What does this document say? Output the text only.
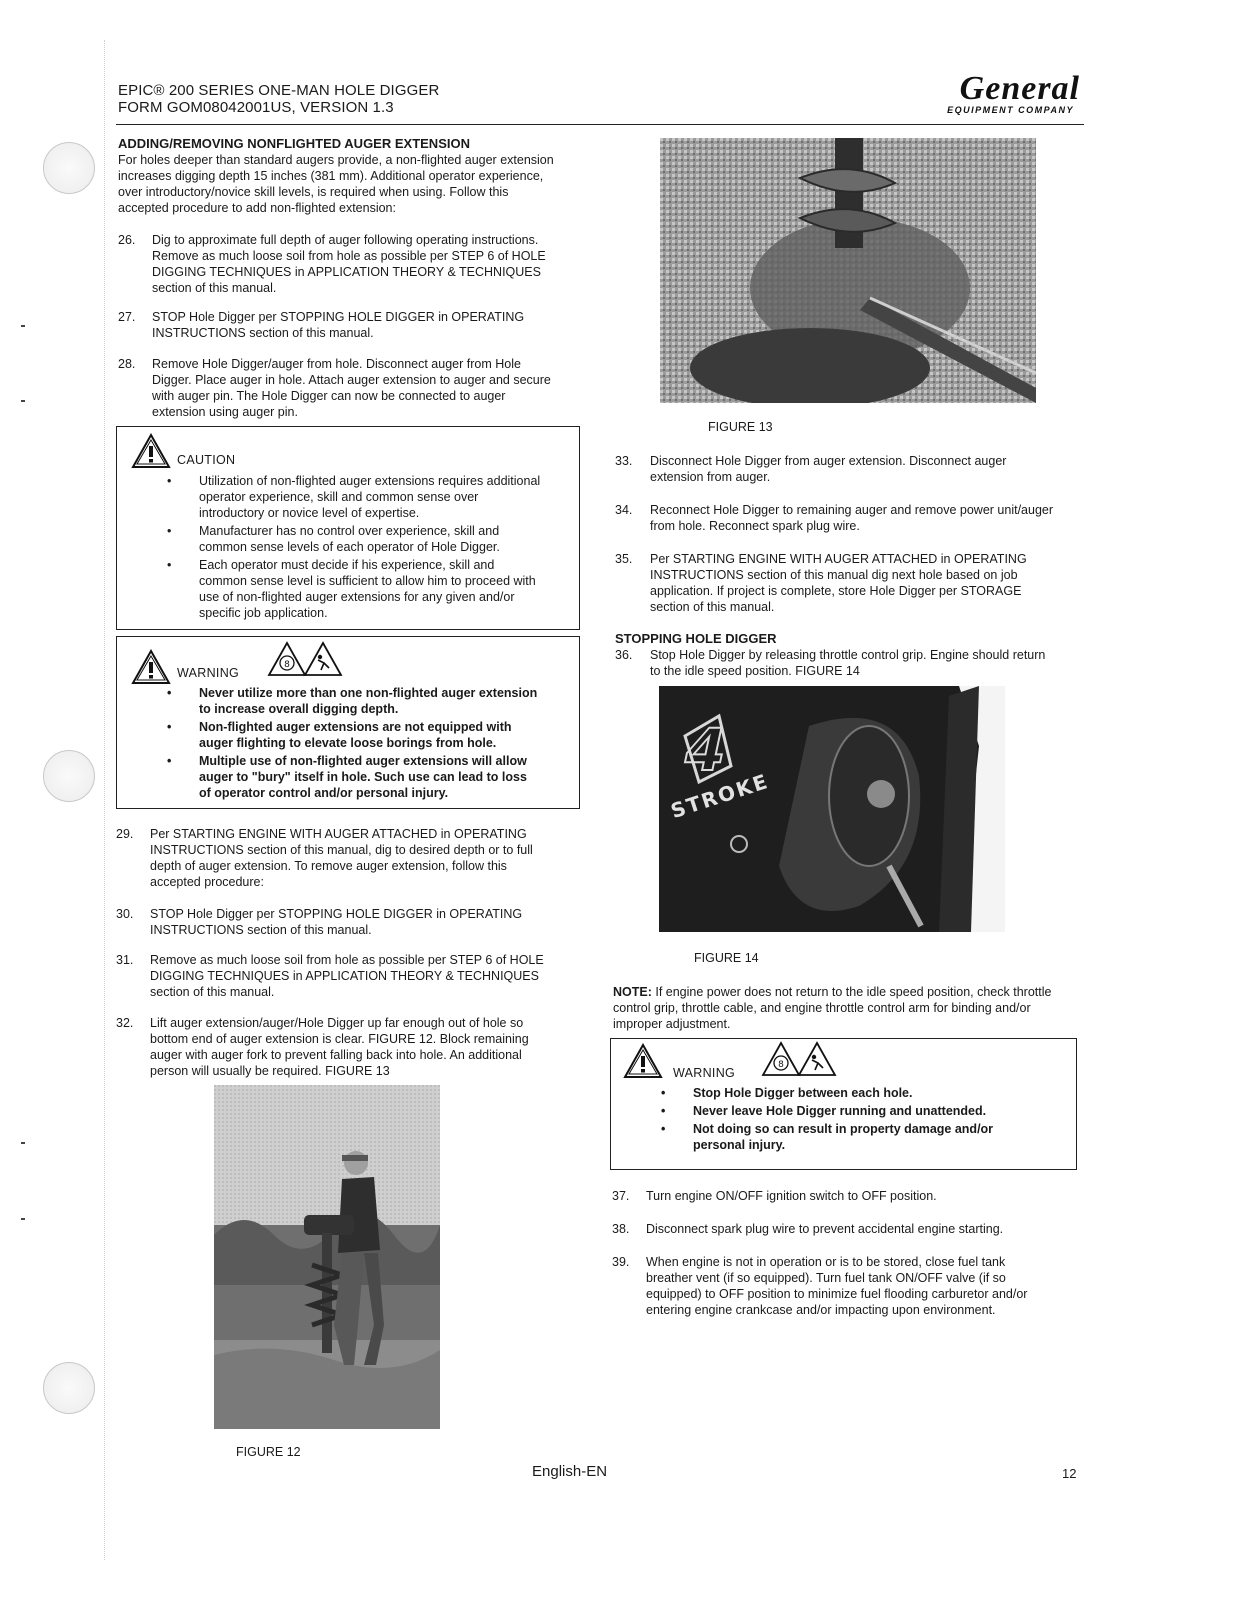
EPIC® 200 SERIES ONE-MAN HOLE DIGGER
FORM GOM08042001US, VERSION 1.3
General
EQUIPMENT COMPANY
ADDING/REMOVING NONFLIGHTED AUGER EXTENSION
For holes deeper than standard augers provide, a non-flighted auger extension
increases digging depth 15 inches (381 mm). Additional operator experience,
over introductory/novice skill levels, is required when using. Follow this
accepted procedure to add non-flighted extension:
26. Dig to approximate full depth of auger following operating instructions.
Remove as much loose soil from hole as possible per STEP 6 of HOLE
DIGGING TECHNIQUES in APPLICATION THEORY & TECHNIQUES
section of this manual.
27. STOP Hole Digger per STOPPING HOLE DIGGER in OPERATING
INSTRUCTIONS section of this manual.
28. Remove Hole Digger/auger from hole. Disconnect auger from Hole
Digger. Place auger in hole. Attach auger extension to auger and secure
with auger pin. The Hole Digger can now be connected to auger
extension using auger pin.
CAUTION
• Utilization of non-flighted auger extensions requires additional
operator experience, skill and common sense over
introductory or novice level of expertise.
• Manufacturer has no control over experience, skill and
common sense levels of each operator of Hole Digger.
• Each operator must decide if his experience, skill and
common sense level is sufficient to allow him to proceed with
use of non-flighted auger extensions for any given and/or
specific job application.
WARNING
8
• Never utilize more than one non-flighted auger extension
to increase overall digging depth.
• Non-flighted auger extensions are not equipped with
auger flighting to elevate loose borings from hole.
• Multiple use of non-flighted auger extensions will allow
auger to "bury" itself in hole. Such use can lead to loss
of operator control and/or personal injury.
29. Per STARTING ENGINE WITH AUGER ATTACHED in OPERATING
INSTRUCTIONS section of this manual, dig to desired depth or to full
depth of auger extension. To remove auger extension, follow this
accepted procedure:
30. STOP Hole Digger per STOPPING HOLE DIGGER in OPERATING
INSTRUCTIONS section of this manual.
31. Remove as much loose soil from hole as possible per STEP 6 of HOLE
DIGGING TECHNIQUES in APPLICATION THEORY & TECHNIQUES
section of this manual.
32. Lift auger extension/auger/Hole Digger up far enough out of hole so
bottom end of auger extension is clear. FIGURE 12. Block remaining
auger with auger fork to prevent falling back into hole. An additional
person will usually be required. FIGURE 13
FIGURE 12
FIGURE 13
33. Disconnect Hole Digger from auger extension. Disconnect auger
extension from auger.
34. Reconnect Hole Digger to remaining auger and remove power unit/auger
from hole. Reconnect spark plug wire.
35. Per STARTING ENGINE WITH AUGER ATTACHED in OPERATING
INSTRUCTIONS section of this manual dig next hole based on job
application. If project is complete, store Hole Digger per STORAGE
section of this manual.
STOPPING HOLE DIGGER
36. Stop Hole Digger by releasing throttle control grip. Engine should return
to the idle speed position. FIGURE 14
4
STROKE
FIGURE 14
NOTE: If engine power does not return to the idle speed position, check throttle
control grip, throttle cable, and engine throttle control arm for binding and/or
improper adjustment.
WARNING
8
• Stop Hole Digger between each hole.
• Never leave Hole Digger running and unattended.
• Not doing so can result in property damage and/or
personal injury.
37. Turn engine ON/OFF ignition switch to OFF position.
38. Disconnect spark plug wire to prevent accidental engine starting.
39. When engine is not in operation or is to be stored, close fuel tank
breather vent (if so equipped). Turn fuel tank ON/OFF valve (if so
equipped) to OFF position to minimize fuel flooding carburetor and/or
entering engine crankcase and/or impacting upon environment.
English-EN	12
